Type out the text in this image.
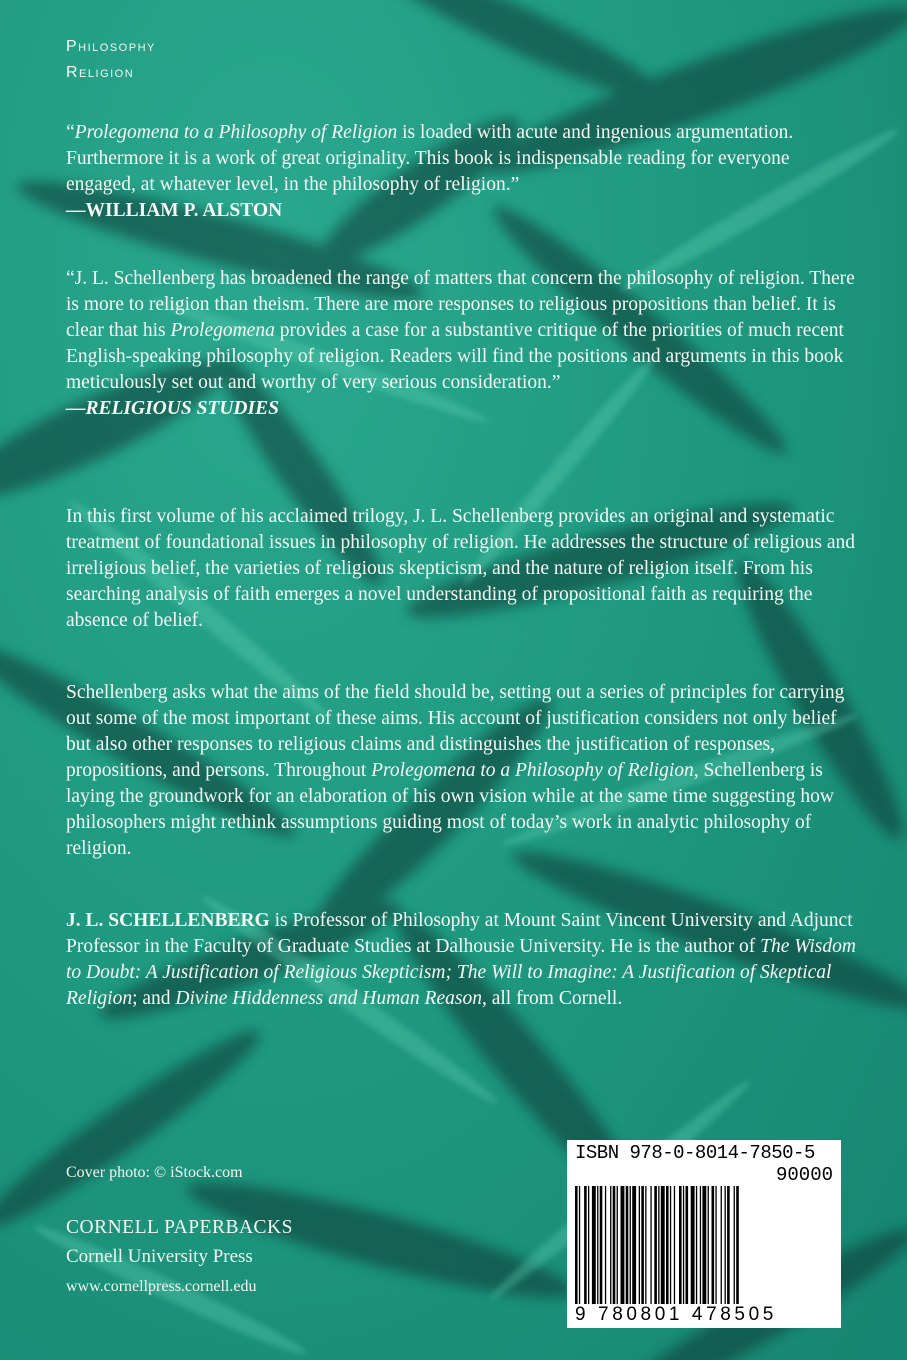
Philosophy
Religion
“Prolegomena to a Philosophy of Religion is loaded with acute and ingenious argumentation. Furthermore it is a work of great originality. This book is indispensable reading for everyone engaged, at whatever level, in the philosophy of religion.”
—WILLIAM P. ALSTON
“J. L. Schellenberg has broadened the range of matters that concern the philosophy of religion. There is more to religion than theism. There are more responses to religious propositions than belief. It is clear that his Prolegomena provides a case for a substantive critique of the priorities of much recent English-speaking philosophy of religion. Readers will find the positions and arguments in this book meticulously set out and worthy of very serious consideration.”
—RELIGIOUS STUDIES
In this first volume of his acclaimed trilogy, J. L. Schellenberg provides an original and systematic treatment of foundational issues in philosophy of religion. He addresses the structure of religious and irreligious belief, the varieties of religious skepticism, and the nature of religion itself. From his searching analysis of faith emerges a novel understanding of propositional faith as requiring the absence of belief.
Schellenberg asks what the aims of the field should be, setting out a series of principles for carrying out some of the most important of these aims. His account of justification considers not only belief but also other responses to religious claims and distinguishes the justification of responses, propositions, and persons. Throughout Prolegomena to a Philosophy of Religion, Schellenberg is laying the groundwork for an elaboration of his own vision while at the same time suggesting how philosophers might rethink assumptions guiding most of today’s work in analytic philosophy of religion.
J. L. SCHELLENBERG is Professor of Philosophy at Mount Saint Vincent University and Adjunct Professor in the Faculty of Graduate Studies at Dalhousie University. He is the author of The Wisdom to Doubt: A Justification of Religious Skepticism; The Will to Imagine: A Justification of Skeptical Religion; and Divine Hiddenness and Human Reason, all from Cornell.
Cover photo: © iStock.com
CORNELL PAPERBACKS
Cornell University Press
www.cornellpress.cornell.edu
ISBN 978-0-8014-7850-5
90000
9 780801 478505
